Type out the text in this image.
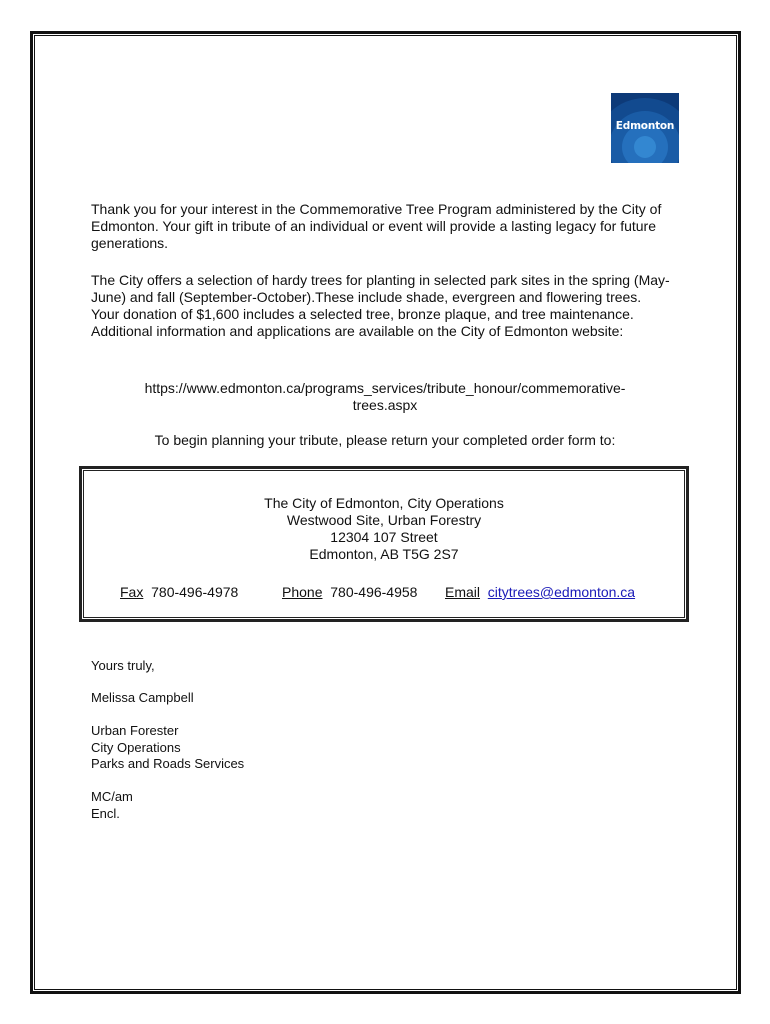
Edmonton

Thank you for your interest in the Commemorative Tree Program administered by the City of Edmonton. Your gift in tribute of an individual or event will provide a lasting legacy for future generations.

The City offers a selection of hardy trees for planting in selected park sites in the spring (May-June) and fall (September-October).These include shade, evergreen and flowering trees. Your donation of $1,600 includes a selected tree, bronze plaque, and tree maintenance. Additional information and applications are available on the City of Edmonton website:

https://www.edmonton.ca/programs_services/tribute_honour/commemorative-
trees.aspx

To begin planning your tribute, please return your completed order form to:

The City of Edmonton, City Operations
Westwood Site, Urban Forestry
12304 107 Street
Edmonton, AB T5G 2S7
Fax 780-496-4978	Phone 780-496-4958 Email citytrees@edmonton.ca

Yours truly,

Melissa Campbell

Urban Forester
City Operations
Parks and Roads Services
MC/am
Encl.
